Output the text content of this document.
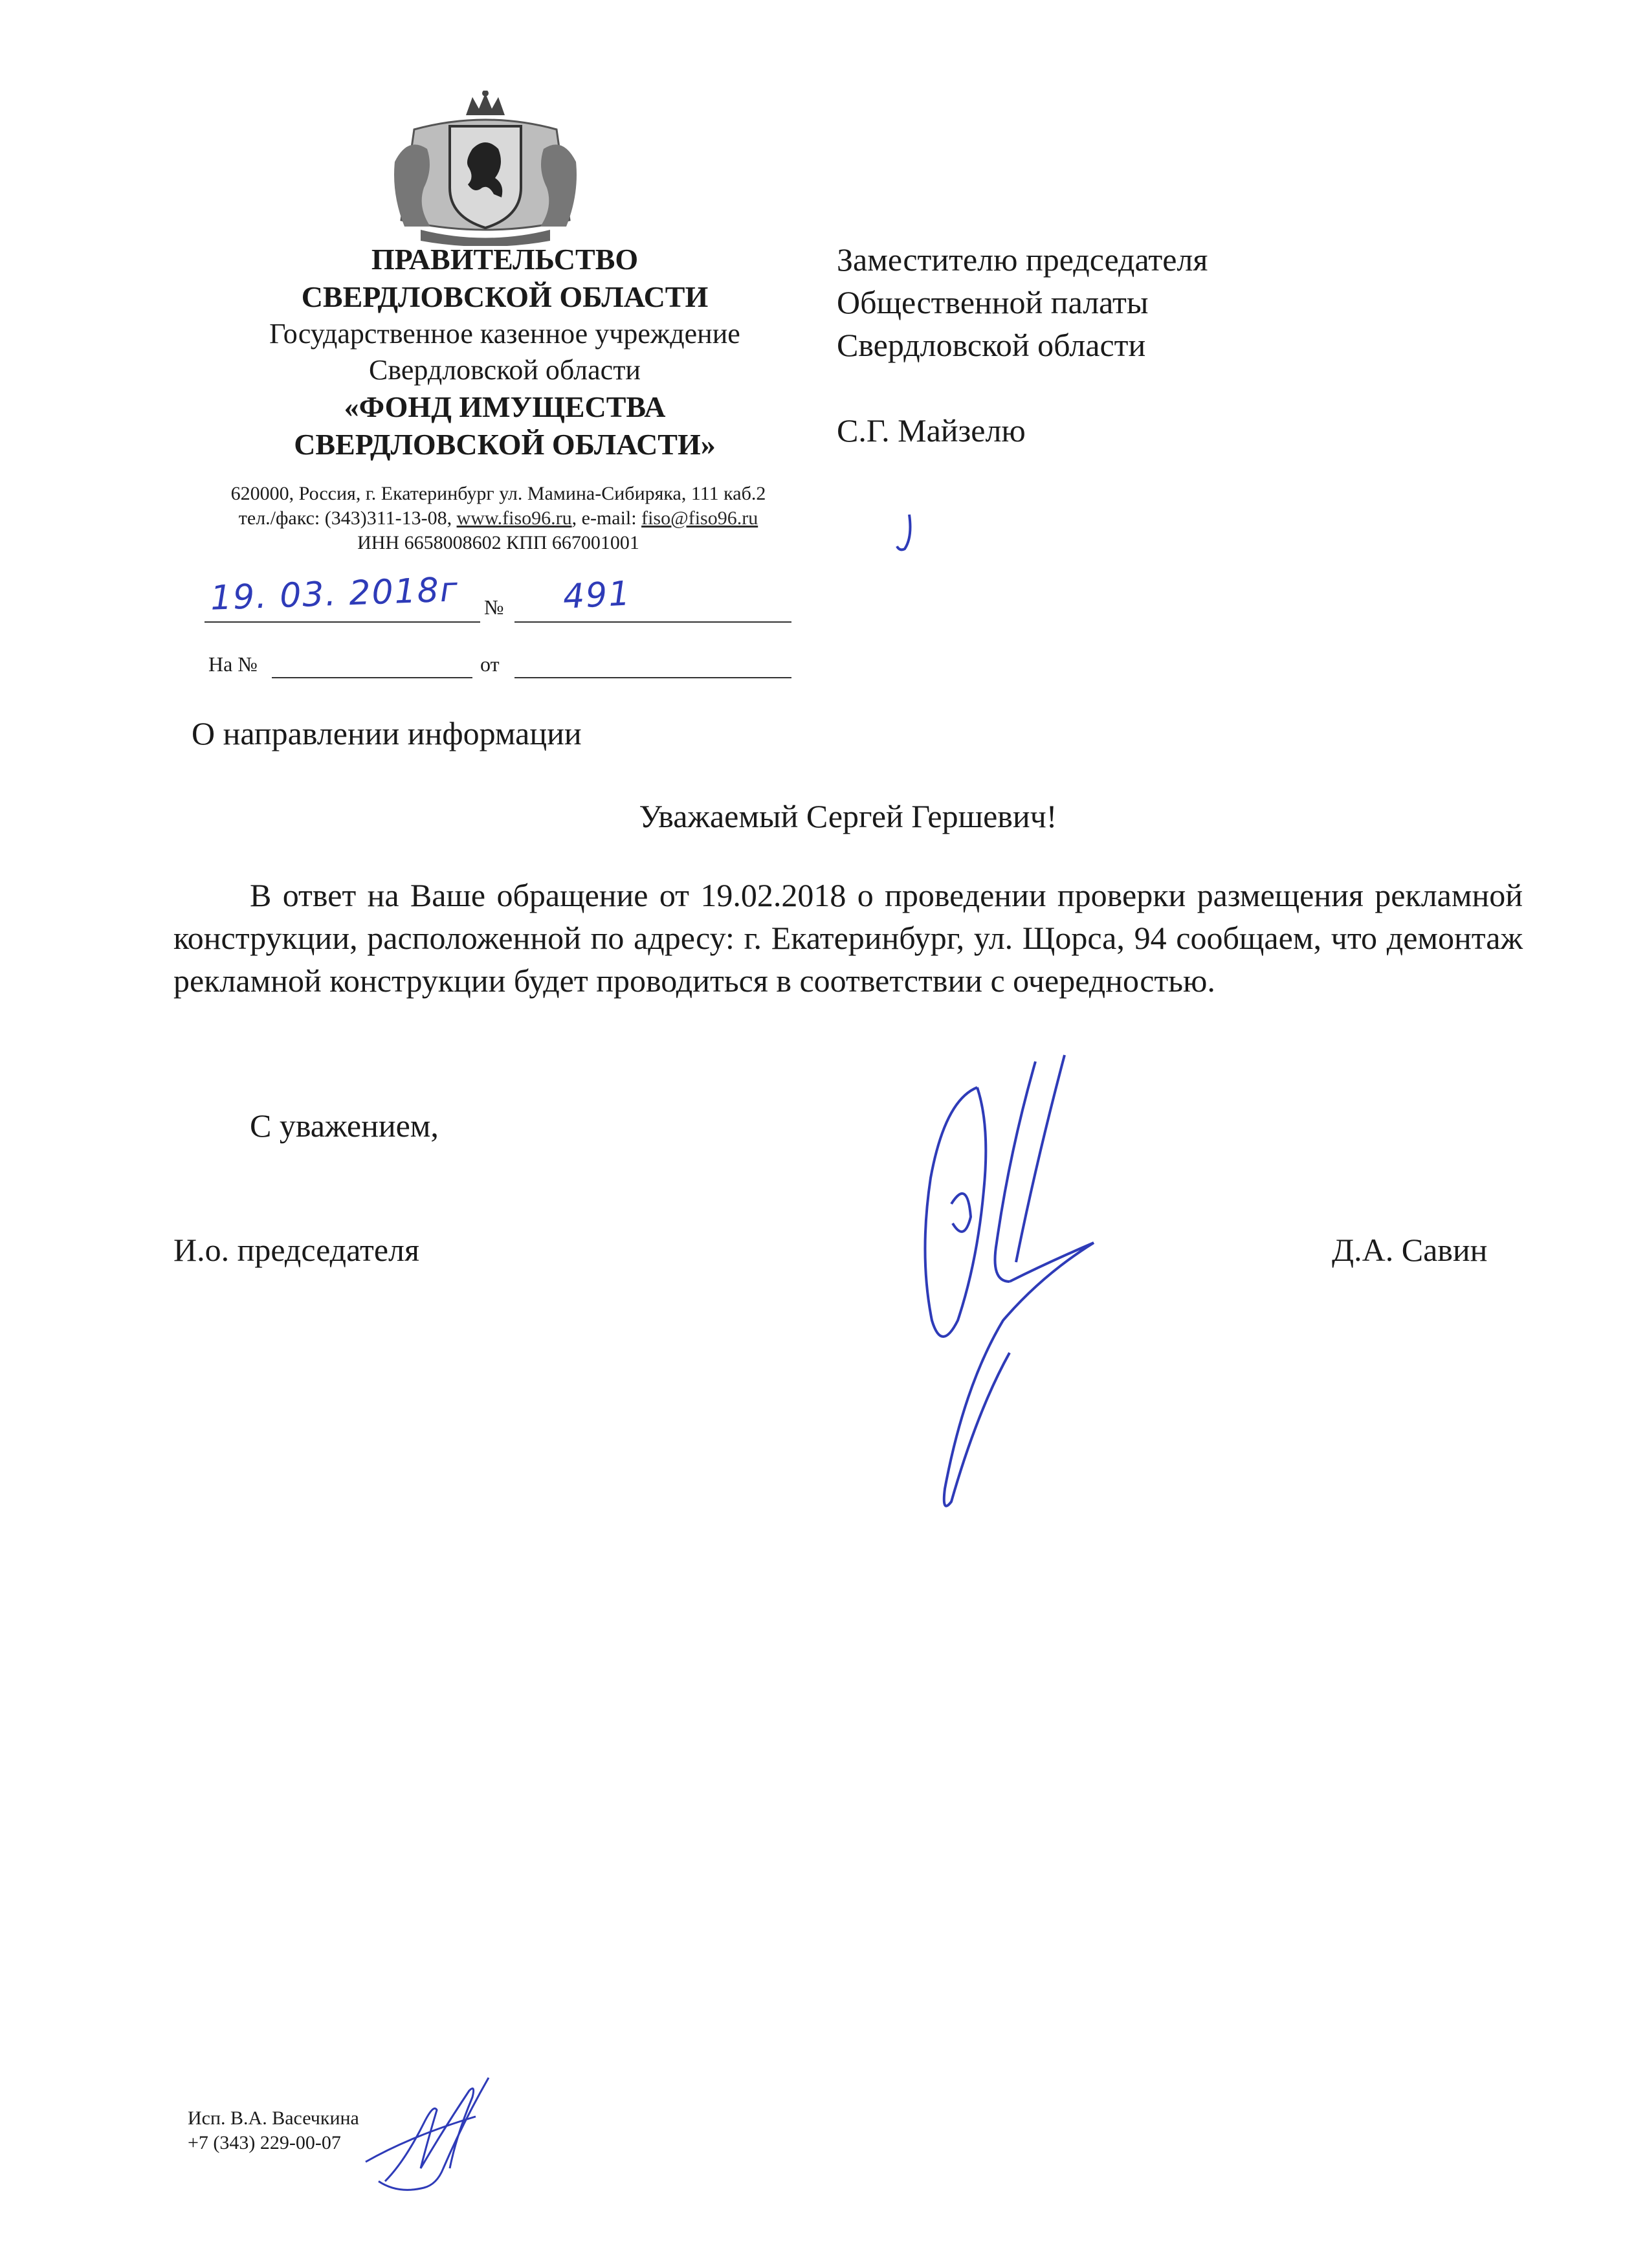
ПРАВИТЕЛЬСТВО
СВЕРДЛОВСКОЙ ОБЛАСТИ
Государственное казенное учреждение
Свердловской области
«ФОНД ИМУЩЕСТВА
СВЕРДЛОВСКОЙ ОБЛАСТИ»
620000, Россия, г. Екатеринбург ул. Мамина-Сибиряка, 111 каб.2
тел./факс: (343)311-13-08, www.fiso96.ru, e-mail: fiso@fiso96.ru
ИНН 6658008602 КПП 667001001
19. 03. 2018г № 491
На №	от
Заместителю председателя
Общественной палаты
Свердловской области
С.Г. Майзелю
О направлении информации
Уважаемый Сергей Гершевич!
В ответ на Ваше обращение от 19.02.2018 о проведении проверки размещения рекламной конструкции, расположенной по адресу: г. Екатеринбург, ул. Щорса, 94 сообщаем, что демонтаж рекламной конструкции будет проводиться в соответствии с очередностью.
С уважением,
И.о. председателя	Д.А. Савин
Исп. В.А. Васечкина
+7 (343) 229-00-07
